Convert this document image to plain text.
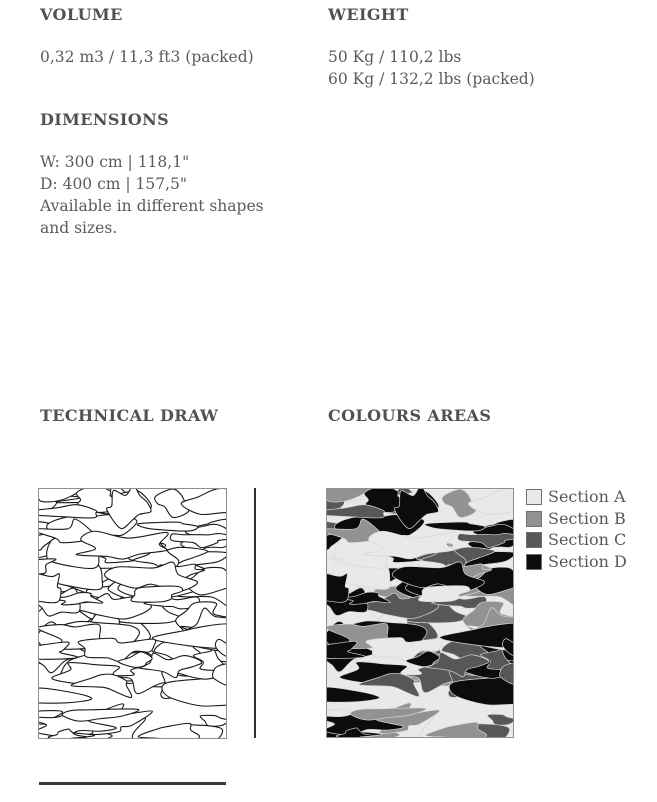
VOLUME
0,32 m3 / 11,3 ft3 (packed)
WEIGHT
50 Kg / 110,2 lbs
60 Kg / 132,2 lbs (packed)
DIMENSIONS
W: 300 cm | 118,1"
D: 400 cm | 157,5"
Available in different shapes and sizes.
TECHNICAL DRAW	COLOURS AREAS
Section A
Section B
Section C
Section D
